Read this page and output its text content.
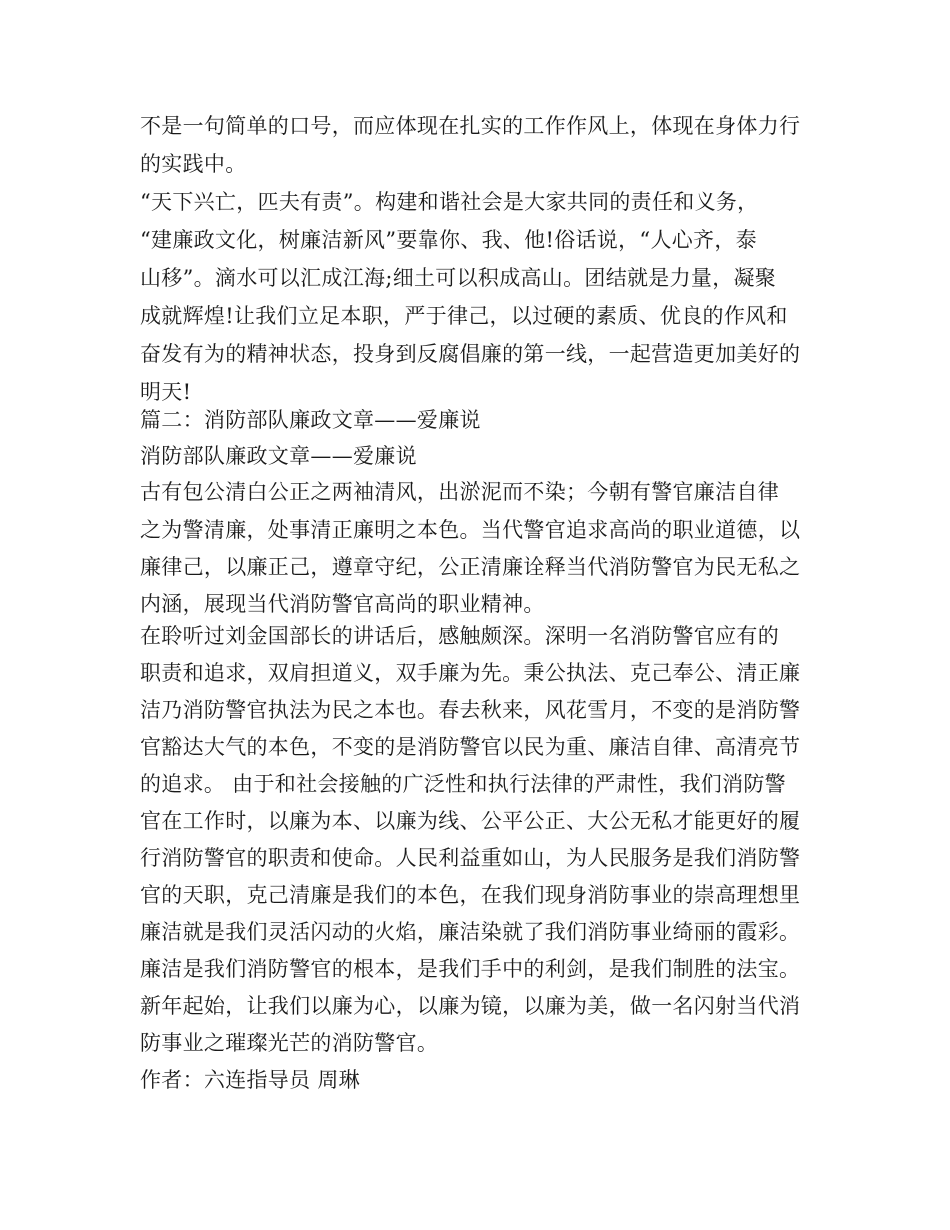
不是一句简单的口号，而应体现在扎实的工作作风上，体现在身体力行
的实践中。
“天下兴亡，匹夫有责”。构建和谐社会是大家共同的责任和义务，
“建廉政文化，树廉洁新风”要靠你、我、他!俗话说，“人心齐，泰
山移”。滴水可以汇成江海;细土可以积成高山。团结就是力量，凝聚
成就辉煌!让我们立足本职，严于律己，以过硬的素质、优良的作风和
奋发有为的精神状态，投身到反腐倡廉的第一线，一起营造更加美好的
明天!
篇二：消防部队廉政文章——爱廉说
消防部队廉政文章——爱廉说
古有包公清白公正之两袖清风，出淤泥而不染；今朝有警官廉洁自律
之为警清廉，处事清正廉明之本色。当代警官追求高尚的职业道德，以
廉律己，以廉正己，遵章守纪，公正清廉诠释当代消防警官为民无私之
内涵，展现当代消防警官高尚的职业精神。
在聆听过刘金国部长的讲话后，感触颇深。深明一名消防警官应有的
职责和追求，双肩担道义，双手廉为先。秉公执法、克己奉公、清正廉
洁乃消防警官执法为民之本也。春去秋来，风花雪月，不变的是消防警
官豁达大气的本色，不变的是消防警官以民为重、廉洁自律、高清亮节
的追求。 由于和社会接触的广泛性和执行法律的严肃性，我们消防警
官在工作时，以廉为本、以廉为线、公平公正、大公无私才能更好的履
行消防警官的职责和使命。人民利益重如山，为人民服务是我们消防警
官的天职，克己清廉是我们的本色，在我们现身消防事业的崇高理想里
廉洁就是我们灵活闪动的火焰，廉洁染就了我们消防事业绮丽的霞彩。
廉洁是我们消防警官的根本，是我们手中的利剑，是我们制胜的法宝。
新年起始，让我们以廉为心，以廉为镜，以廉为美，做一名闪射当代消
防事业之璀璨光芒的消防警官。
作者：六连指导员 周琳
